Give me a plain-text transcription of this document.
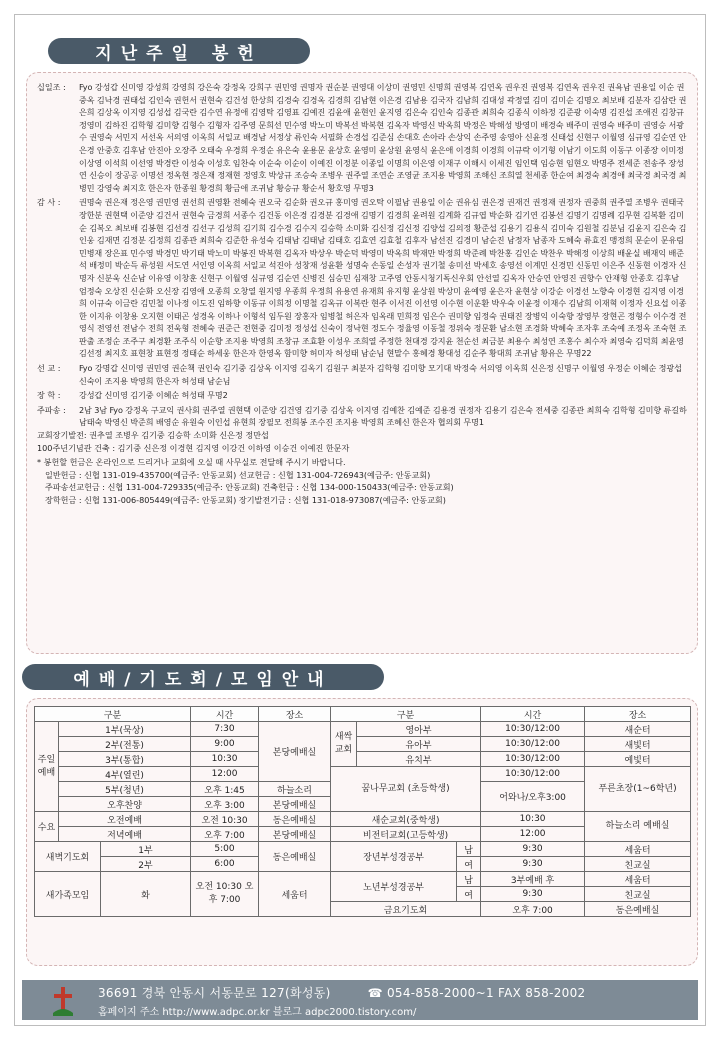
지난주일 봉헌
십일조 :	Fyo 강성갑 신미영 강성희 강영희 강은숙 강정옥 강희구 권민영 권명자 권순분 권영대 이상미 권영민 신명희 권영복 김연옥 권우진 권영복 김연옥 권우진 권욕남 권용일 이순 권중옥 김낙경 권태섭 김인숙 권헌서 권현숙 김건성 한상희 김경숙 김경옥 김경희 김남현 이은경 김남용 김국자 김남희 김대성 곽정열 김미 김미순 김명오 최보배 김분자 김삼란 권은희 김상옥 이지영 김성섭 김국란 김수연 유정애 김영탁 김영표 김예진 김윤애 윤현인 윤지영 김은숙 김인숙 김종관 최희숙 김종식 이하정 김준광 이숙명 김진섭 조애진 김창규 정영미 김하진 김학형 김미향 김형수 김형자 김주영 문희선 민수영 박노미 박복선 박복현 김옥자 박영신 박옥희 박정은 박해성 방영미 배경숙 배주미 권영숙 배주미 권영승 서광수 권영숙 서민지 서선옥 서의영 이옥희 서일교 배경남 서정상 류인숙 서필화 손경섭 김준심 손대호 손아라 손상익 손주영 송영아 신윤정 신태섭 신현구 이월영 심규영 김순연 안은경 안중호 김후남 안진아 오장주 오태숙 우경희 우정순 유은숙 윤용문 윤상호 윤영미 윤상원 윤영식 윤은애 이경희 이경희 이규락 이기형 이남기 이도희 이동구 이종장 이미정 이상영 이석희 이선영 박경란 이성숙 이성호 임찬숙 이순숙 이순이 이예진 이정분 이종일 이명희 이은영 이재구 이해시 이세진 임인택 임승현 임현오 박명주 전세준 전송주 장성연 신승이 장공공 이명선 정옥현 정은재 정재현 정영호 박상규 조승숙 조병우 권주열 조연순 조영균 조지용 박영희 조해신 조희열 천세종 한순여 최경숙 최경애 최국경 최국경 최병민 강영숙 최지호 한은자 한종원 황경희 황금애 조귀남 황승규 황순서 황호영 무명3
감 사 :	권명숙 권은재 정은영 권민영 권선희 권영환 전혜숙 권오국 김순화 권오규 홍미영 권오탁 이필남 권용일 이순 권유심 권은경 권재건 권정재 권정자 권중희 권주열 조병우 권태국 장한분 권현택 이준양 김건서 권현숙 금경희 서종수 김건동 이은경 김경분 김경애 김명기 김경희 윤려원 김계화 김규엽 박순화 김기연 김봉선 김명기 김명례 김무현 김복환 김미순 김복오 최보배 김봉현 김선경 김선구 김성희 김기희 김수경 김수지 김승학 소미화 김신정 김신정 김양섭 김의정 황준섭 김용기 김용식 김미숙 김원철 김분님 김윤지 김은숙 김인웅 김재면 김정분 김정희 김종관 최희숙 김준한 유성숙 김태남 김태남 김태호 김효연 김효철 김후자 남선진 김경미 남순진 남정자 남종자 도혜숙 류효진 맹정희 문순이 문유림 민병재 장은표 민수영 박경민 박기태 박노미 박봉진 박복현 김옥자 박상우 박순덕 박영미 박옥희 박재만 박정희 박준례 박찬홍 김인순 박찬우 박해정 이상희 배윤실 배재익 배준석 배정미 박순득 류성원 서도연 서인영 이옥희 서일교 석진아 성창재 성윤환 성명숙 손동일 손성자 권기철 송미선 박세호 송영선 이계민 신경민 신동민 이은주 신동현 이경자 신명자 신분욱 신순남 이유영 이창훈 신현구 이월영 심규영 김순연 신병진 심승민 심재창 고주영 안동시청기독신우회 안선열 김옥자 안승연 안영진 권향수 안재형 안종호 김후남 엄정숙 오상진 신순화 오신장 김영애 오종희 오창열 원지영 우종희 우정희 유용연 유재희 유지형 윤상원 박상미 윤예영 윤은자 윤현상 이강순 이경선 노향숙 이경현 김지영 이경희 이규숙 이금란 김민철 이나정 이도진 임하향 이동규 이희정 이명철 김옥규 이복란 현주 이서진 이선영 이수현 이운환 박우숙 이윤정 이재수 김남희 이재혁 이정자 신요섭 이종한 이지유 이창용 오지현 이태곤 성경옥 이하나 이형석 임두원 장홍자 임병철 허은자 임옥래 민희정 임은수 권미향 임정숙 권태진 장병익 이숙향 장영부 장현곤 정형수 이수경 전영식 전영선 전남수 전희 전욱형 전혜숙 권준근 전현중 김미정 정성섭 신숙이 정낙현 정도수 정율영 이동철 정위숙 정문환 남소현 조경화 박혜숙 조자후 조숙예 조정옥 조숙현 조판출 조정순 조주구 최경환 조주식 이순향 조지용 박영희 조창규 조효환 이성우 조희열 주정한 천대경 강지윤 천순선 최금분 최용수 최성연 조홍수 최수자 최영숙 김덕희 최윤영 김선정 최지호 표현창 표현정 정태순 하세웅 한은자 한영옥 함미향 허미자 허성태 남순님 현말수 홍혜경 황대성 김순주 황대희 조귀남 황유은 무명22
선 교 :	Fyo 강명갑 신미영 권민영 권순책 권인숙 김기중 김상옥 이지영 김옥기 김원구 최분자 김학형 김미향 모기대 박정숙 서의영 이옥희 신은정 신명구 이월영 우정순 이혜순 정광섭 신숙이 조지용 박영희 한은자 허성태 남순님
장 학 :	강성갑 신미영 김기중 이혜순 허성태 무명2
주파송 :	2남 3남 Fyo 강정옥 구교익 권사회 권주열 권현택 이준양 김건영 김기중 김상옥 이지영 김예찬 김예준 김용경 권정자 김용기 김은숙 전세중 김종관 최희숙 김학형 김미향 류길하 남태숙 박영신 박준희 배영순 유원숙 이인섭 유현희 장필모 전희봉 조수진 조지용 박영희 조혜신 한은자 협의회 무명1
교회장기발전: 권추열 조병우 김기중 김승학 소미화 신은정 정만섭
100주년기념관 건축 : 김기중 신은정 이경현 김지영 이강건 이하영 이승건 이예진 한문자
* 봉헌할 헌금은 온라인으로 드리거나 교회에 오실 때 사무실로 전달해 주시기 바랍니다.
일반헌금 : 신협 131-019-435700(예금주: 안동교회) 선교헌금 : 신협 131-004-726943(예금주: 안동교회)
주파송선교헌금 : 신협 131-004-729335(예금주: 안동교회) 건축헌금 : 신협 134-000-150433(예금주: 안동교회)
장학헌금 : 신협 131-006-805449(예금주: 안동교회) 장기발전기금 : 신협 131-018-973087(예금주: 안동교회)
예배/기도회/모임안내
구분			시간	장소	구분			시간	장소
주일예배	1부(묵상)		7:30	본당예배실	새싹교회	영아부		10:30/12:00	새순터
	2부(전통)		9:00			유아부		10:30/12:00	새빛터
	3부(통합)		10:30			유치부		10:30/12:00	예빛터
	4부(열린)		12:00		꿈나무교회 (초등학생)			10:30/12:00	푸른초장(1~6학년)
	5부(청년)		오후 1:45	하늘소리				어와나/오후3:00	
	오후찬양		오후 3:00	본당예배실					
수요	오전예배		오전 10:30	동은예배실	새순교회(중학생)			10:30	하늘소리 예배실
	저녁예배		오후 7:00	본당예배실	비전터교회(고등학생)			12:00	
새벽기도회		1부	5:00	동은예배실	장년부성경공부		남	9:30	세움터
		2부	6:00				여	9:30	친교실
새가족모임		화	오전 10:30 오후 7:00	세움터	노년부성경공부		남	3부예배 후	세움터
							여	9:30	친교실
					금요기도회			오후 7:00	동은예배실
36691 경북 안동시 서동문로 127(화성동)	☎ 054-858-2000~1 FAX 858-2002
홈페이지 주소 http://www.adpc.or.kr 블로그 adpc2000.tistory.com/
